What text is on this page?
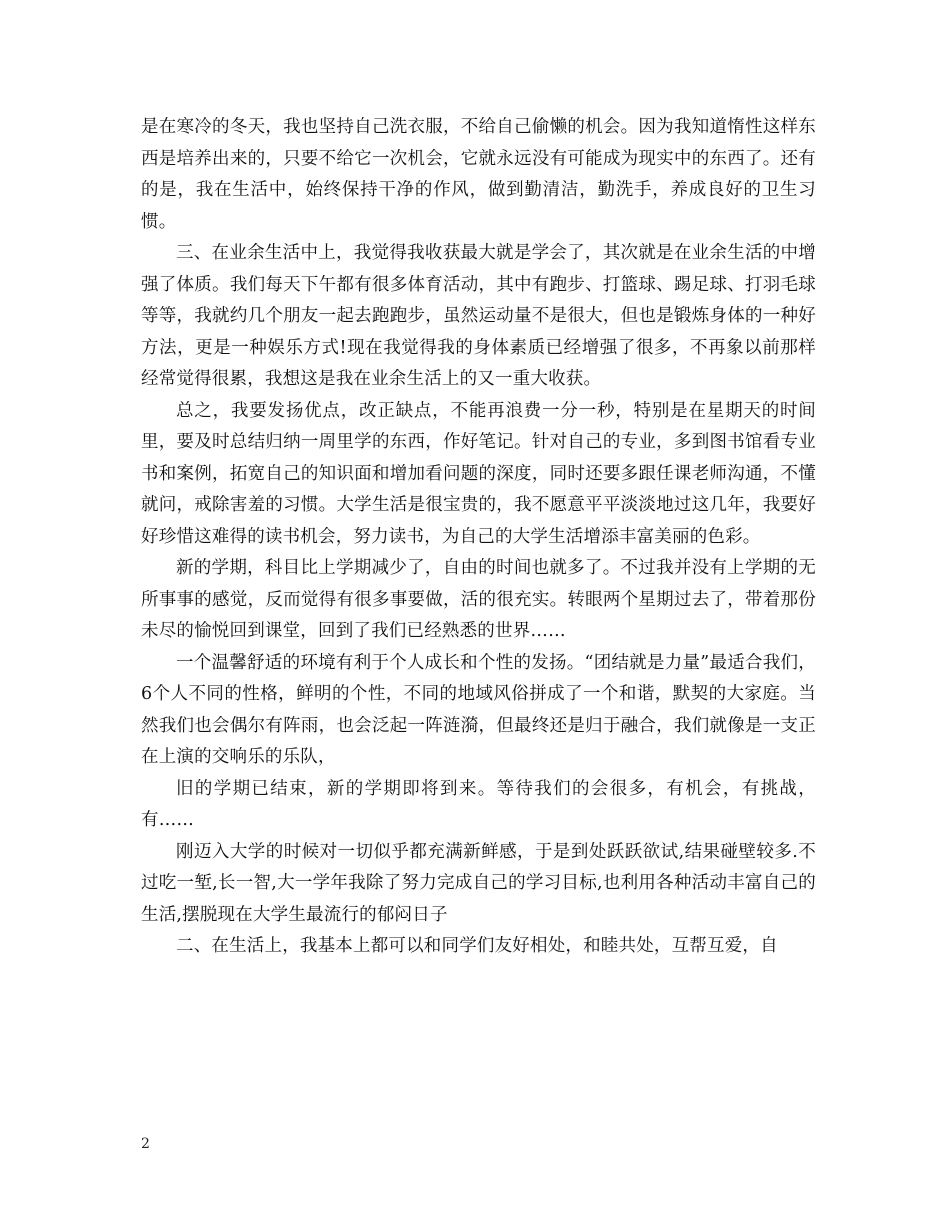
是在寒冷的冬天，我也坚持自己洗衣服，不给自己偷懒的机会。因为我知道惰性这样东西是培养出来的，只要不给它一次机会，它就永远没有可能成为现实中的东西了。还有的是，我在生活中，始终保持干净的作风，做到勤清洁，勤洗手，养成良好的卫生习惯。

三、在业余生活中上，我觉得我收获最大就是学会了，其次就是在业余生活的中增强了体质。我们每天下午都有很多体育活动，其中有跑步、打篮球、踢足球、打羽毛球等等，我就约几个朋友一起去跑跑步，虽然运动量不是很大，但也是锻炼身体的一种好方法，更是一种娱乐方式!现在我觉得我的身体素质已经增强了很多，不再象以前那样经常觉得很累，我想这是我在业余生活上的又一重大收获。

总之，我要发扬优点，改正缺点，不能再浪费一分一秒，特别是在星期天的时间里，要及时总结归纳一周里学的东西，作好笔记。针对自己的专业，多到图书馆看专业书和案例，拓宽自己的知识面和增加看问题的深度，同时还要多跟任课老师沟通，不懂就问，戒除害羞的习惯。大学生活是很宝贵的，我不愿意平平淡淡地过这几年，我要好好珍惜这难得的读书机会，努力读书，为自己的大学生活增添丰富美丽的色彩。

新的学期，科目比上学期减少了，自由的时间也就多了。不过我并没有上学期的无所事事的感觉，反而觉得有很多事要做，活的很充实。转眼两个星期过去了，带着那份未尽的愉悦回到课堂，回到了我们已经熟悉的世界……

一个温馨舒适的环境有利于个人成长和个性的发扬。“团结就是力量”最适合我们，6个人不同的性格，鲜明的个性，不同的地域风俗拼成了一个和谐，默契的大家庭。当然我们也会偶尔有阵雨，也会泛起一阵涟漪，但最终还是归于融合，我们就像是一支正在上演的交响乐的乐队，

旧的学期已结束，新的学期即将到来。等待我们的会很多，有机会，有挑战，有……

刚迈入大学的时候对一切似乎都充满新鲜感，于是到处跃跃欲试,结果碰壁较多.不过吃一堑,长一智,大一学年我除了努力完成自己的学习目标,也利用各种活动丰富自己的生活,摆脱现在大学生最流行的郁闷日子

二、在生活上，我基本上都可以和同学们友好相处，和睦共处，互帮互爱，自

2
